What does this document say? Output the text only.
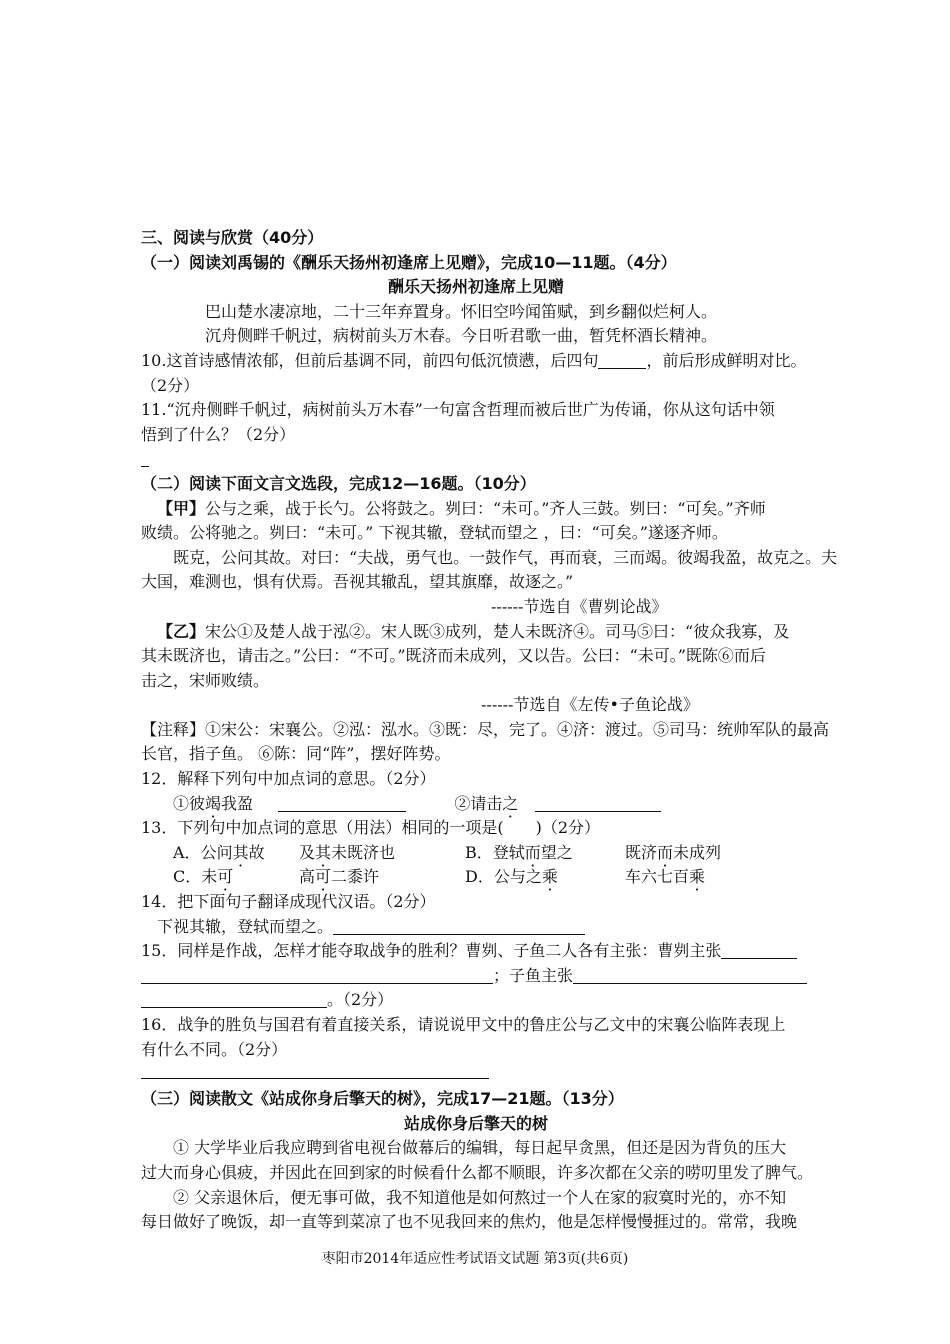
三、阅读与欣赏（40分）
（一）阅读刘禹锡的《酬乐天扬州初逢席上见赠》，完成10—11题。（4分）
酬乐天扬州初逢席上见赠
巴山楚水凄凉地，二十三年弃置身。怀旧空吟闻笛赋，到乡翻似烂柯人。
沉舟侧畔千帆过，病树前头万木春。今日听君歌一曲，暂凭杯酒长精神。
10.这首诗感情浓郁，但前后基调不同，前四句低沉愤懑，后四句	，前后形成鲜明对比。
（2分）
11.“沉舟侧畔千帆过，病树前头万木春”一句富含哲理而被后世广为传诵，你从这句话中领
悟到了什么？（2分）
（二）阅读下面文言文选段，完成12—16题。（10分）
【甲】公与之乘，战于长勺。公将鼓之。刿曰：“未可。”齐人三鼓。刿曰：“可矣。”齐师
败绩。公将驰之。刿曰：“未可。” 下视其辙，登轼而望之 ，曰：“可矣。”遂逐齐师。
既克，公问其故。对曰：“夫战，勇气也。一鼓作气，再而衰，三而竭。彼竭我盈，故克之。夫
大国，难测也，惧有伏焉。吾视其辙乱，望其旗靡，故逐之。”
------节选自《曹刿论战》
【乙】宋公①及楚人战于泓②。宋人既③成列，楚人未既济④。司马⑤曰：“彼众我寡，及
其未既济也，请击之。”公曰：“不可。”既济而未成列，又以告。公曰：“未可。”既陈⑥而后
击之，宋师败绩。
------节选自《左传•子鱼论战》
【注释】①宋公：宋襄公。②泓：泓水。③既：尽，完了。④济：渡过。⑤司马：统帅军队的最高
长官，指子鱼。 ⑥陈：同“阵”，摆好阵势。
12．解释下列句中加点词的意思。（2分）
①彼竭我盈	②请击之
13．下列句中加点词的意思（用法）相同的一项是(　　)（2分）
A．公问其故 及其未既济也	B．登轼而望之	既济而未成列
C．未可	高可二黍许	D．公与之乘	车六七百乘
14．把下面句子翻译成现代汉语。（2分）
下视其辙，登轼而望之。
15．同样是作战，怎样才能夺取战争的胜利？曹刿、子鱼二人各有主张：曹刿主张
；子鱼主张
。（2分）
16．战争的胜负与国君有着直接关系，请说说甲文中的鲁庄公与乙文中的宋襄公临阵表现上
有什么不同。（2分）
（三）阅读散文《站成你身后擎天的树》，完成17—21题。（13分）
站成你身后擎天的树
① 大学毕业后我应聘到省电视台做幕后的编辑，每日起早贪黑，但还是因为背负的压大
过大而身心俱疲，并因此在回到家的时候看什么都不顺眼，许多次都在父亲的唠叨里发了脾气。
② 父亲退休后，便无事可做，我不知道他是如何熬过一个人在家的寂寞时光的，亦不知
每日做好了晚饭，却一直等到菜凉了也不见我回来的焦灼，他是怎样慢慢捱过的。常常，我晚
枣阳市2014年适应性考试语文试题 第3页(共6页)
